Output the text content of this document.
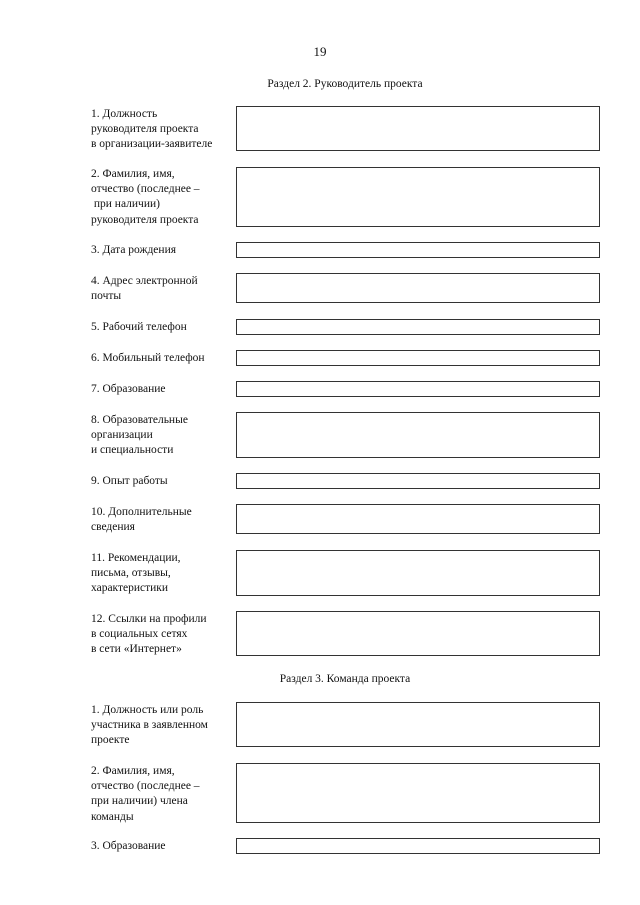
19
Раздел 2. Руководитель проекта

1. Должность
руководителя проекта
в организации-заявителе

2. Фамилия, имя,
отчество (последнее –
при наличии)
руководителя проекта

3. Дата рождения

4. Адрес электронной
почты

5. Рабочий телефон

6. Мобильный телефон

7. Образование

8. Образовательные
организации
и специальности

9. Опыт работы

10. Дополнительные
сведения

11. Рекомендации,
письма, отзывы,
характеристики

12. Ссылки на профили
в социальных сетях
в сети «Интернет»

Раздел 3. Команда проекта

1. Должность или роль
участника в заявленном
проекте

2. Фамилия, имя,
отчество (последнее –
при наличии) члена
команды

3. Образование
